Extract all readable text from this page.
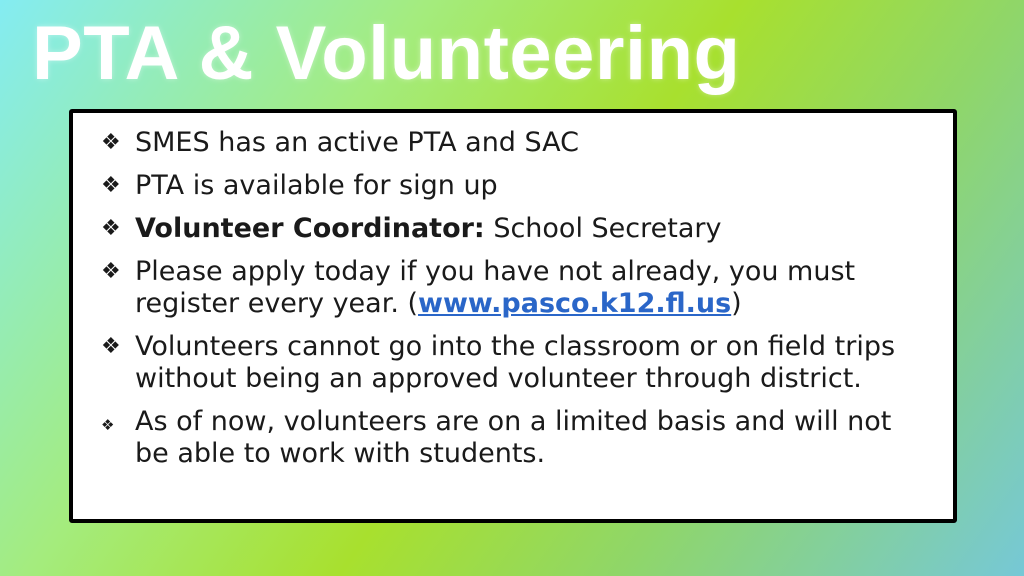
PTA & Volunteering
❖ SMES has an active PTA and SAC
❖ PTA is available for sign up
❖ Volunteer Coordinator: School Secretary
❖ Please apply today if you have not already, you must register every year. (www.pasco.k12.fl.us)
❖ Volunteers cannot go into the classroom or on field trips without being an approved volunteer through district.
❖ As of now, volunteers are on a limited basis and will not be able to work with students.
